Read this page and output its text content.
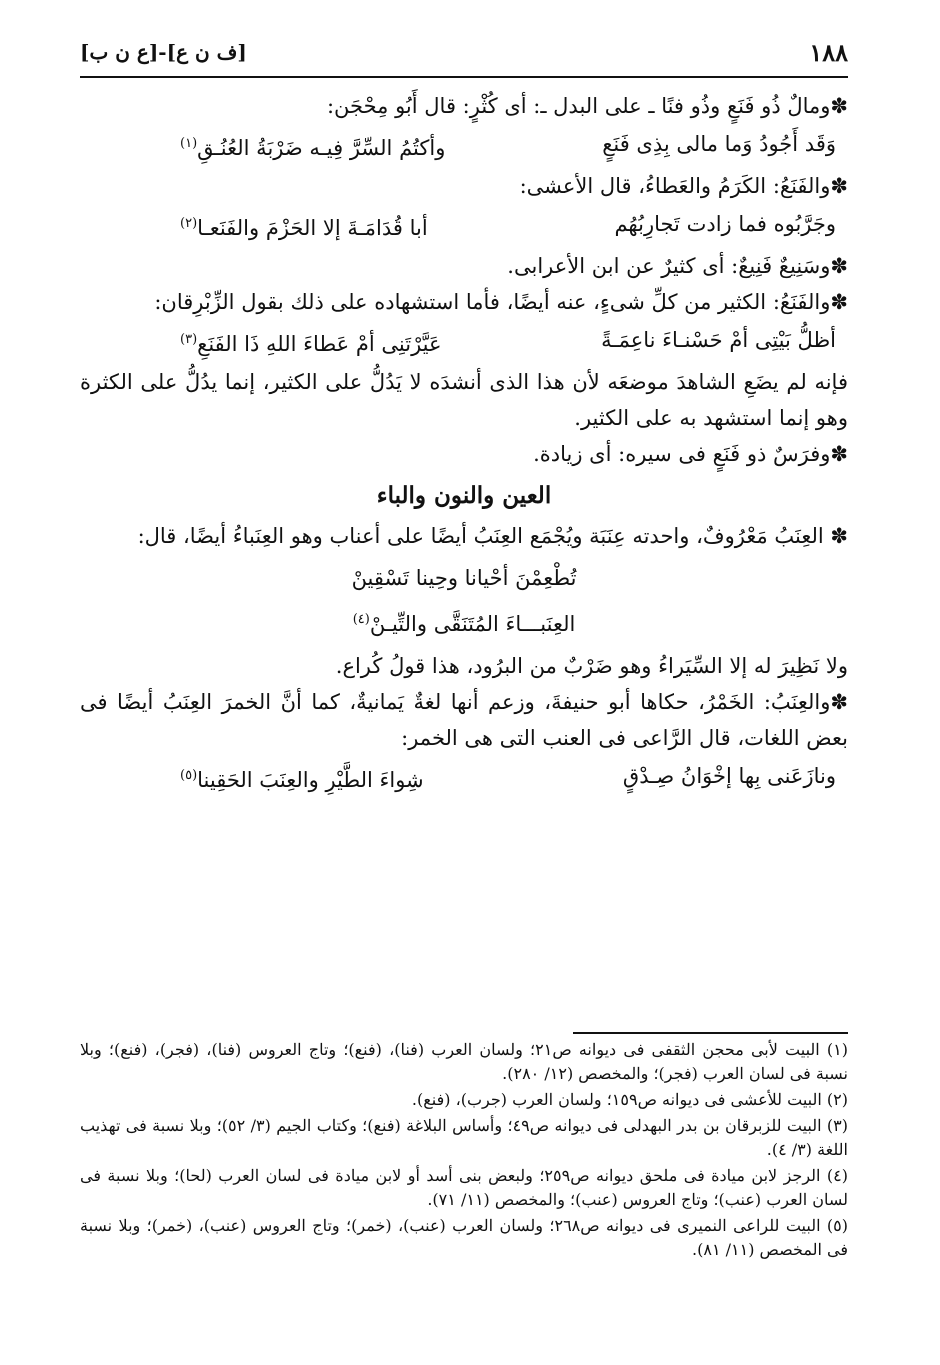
١٨٨
[ف ن ع]-[ع ن ب]

✽ومالٌ ذُو فَنَعٍ وذُو فنًا ـ على البدل ـ: أى كُثْرٍ: قال أَبُو مِحْجَن:

وَقَد أَجُودُ وَما مالى بِذِى فَنَعٍ
وأكتُمُ السِّرَّ فِيـه ضَرْبَةُ العُنُـقِ$^{(١)}$

✽والفَنَعُ: الكَرَمُ والعَطاءُ، قال الأعشى:

وجَرَّبُوه فما زادت تَجارِبُهُم
أبا قُدَامَـةَ إلا الحَزْمَ والفَنَعـا$^{(٢)}$

✽وسَنِيعٌ فَنِيعٌ: أى كثيرٌ عن ابن الأعرابى.

✽والفَنَعُ: الكثير من كلِّ شىءٍ، عنه أيضًا، فأما استشهاده على ذلك بقول الزِّبْرِقان:

أظلُّ بَيْتِى أمْ حَسْنـاءَ ناعِمَـةً
عَيَّرْتَنِى أمْ عَطاءَ اللهِ ذَا الفَنَعِ$^{(٣)}$

فإنه لم يضَعِ الشاهدَ موضعَه لأن هذا الذى أنشدَه لا يَدُلُّ على الكثير، إنما يدُلُّ على الكثرة وهو إنما استشهد به على الكثير.

✽وفرَسٌ ذو فَنَعٍ فى سيره: أى زيادة.

العين والنون والباء

✽ العِنَبُ مَعْرُوفٌ، واحدته عِنَبَة ويُجْمَع العِنَبُ أيضًا على أعناب وهو العِنَباءُ أيضًا، قال:

تُطْعِمْنَ أحْيانا وحِينا تَسْقِينْ
العِنَبـــاءَ المُتَنَقَّى والتِّيـنْ$^{(٤)}$

ولا نَظِيرَ له إلا السِّيَراءُ وهو ضَرْبٌ من البرُود، هذا قولُ كُراع.

✽والعِنَبُ: الخَمْرُ، حكاها أبو حنيفةَ، وزعم أنها لغةٌ يَمانيةٌ، كما أنَّ الخمرَ العِنَبُ أيضًا فى بعض اللغات، قال الرَّاعى فى العنب التى هى الخمر:

ونازَعَنى بِها إخْوَانُ صِـدْقٍ
شِواءَ الطَّيْرِ والعِنَبَ الحَقِينا$^{(٥)}$

(١) البيت لأبى محجن الثقفى فى ديوانه ص٢١؛ ولسان العرب (فنا)، (فنع)؛ وتاج العروس (فنا)، (فجر)، (فنع)؛ وبلا نسبة فى لسان العرب (فجر)؛ والمخصص (١٢/ ٢٨٠).

(٢) البيت للأعشى فى ديوانه ص١٥٩؛ ولسان العرب (جرب)، (فنع).

(٣) البيت للزبرقان بن بدر البهدلى فى ديوانه ص٤٩؛ وأساس البلاغة (فنع)؛ وكتاب الجيم (٣/ ٥٢)؛ وبلا نسبة فى تهذيب اللغة (٣/ ٤).

(٤) الرجز لابن ميادة فى ملحق ديوانه ص٢٥٩؛ ولبعض بنى أسد أو لابن ميادة فى لسان العرب (لحا)؛ وبلا نسبة فى لسان العرب (عنب)؛ وتاج العروس (عنب)؛ والمخصص (١١/ ٧١).

(٥) البيت للراعى النميرى فى ديوانه ص٢٦٨؛ ولسان العرب (عنب)، (خمر)؛ وتاج العروس (عنب)، (خمر)؛ وبلا نسبة فى المخصص (١١/ ٨١).
